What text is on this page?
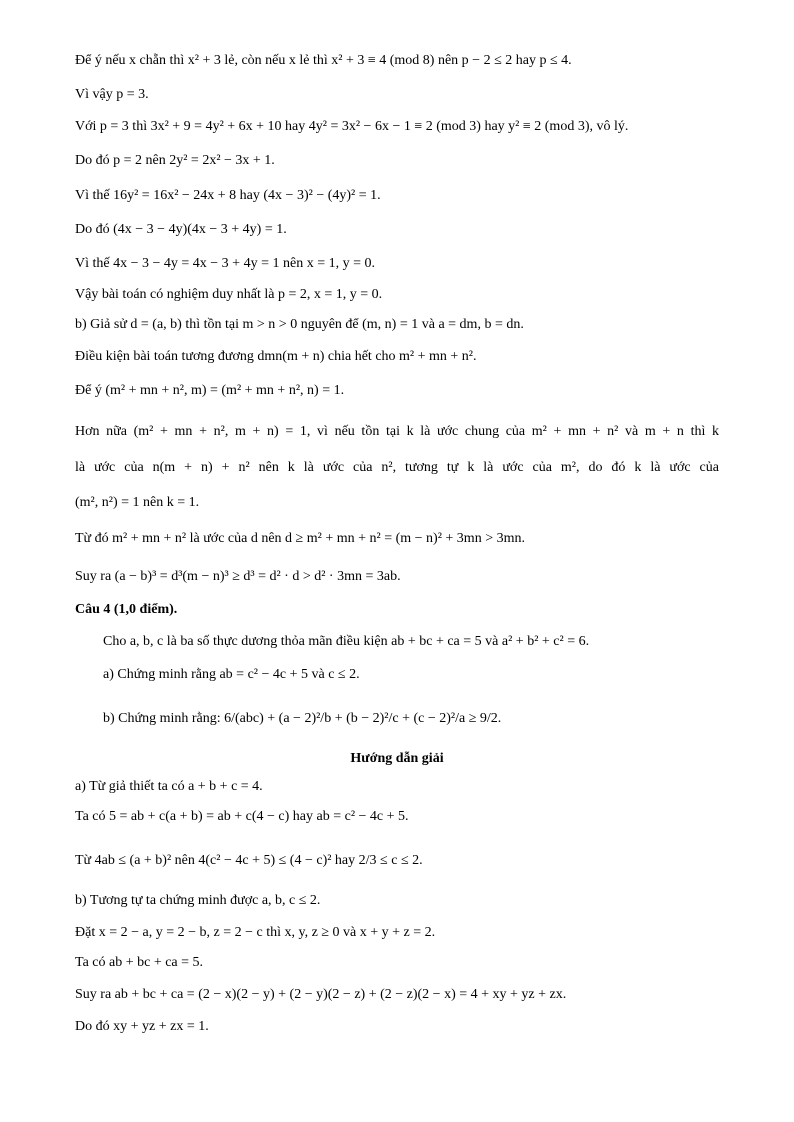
Để ý nếu x chẵn thì x² + 3 lẻ, còn nếu x lẻ thì x² + 3 ≡ 4 (mod 8) nên p − 2 ≤ 2 hay p ≤ 4.
Vì vậy p = 3.
Với p = 3 thì 3x² + 9 = 4y² + 6x + 10 hay 4y² = 3x² − 6x − 1 ≡ 2 (mod 3) hay y² ≡ 2 (mod 3), vô lý.
Do đó p = 2 nên 2y² = 2x² − 3x + 1.
Vì thế 16y² = 16x² − 24x + 8 hay (4x − 3)² − (4y)² = 1.
Do đó (4x − 3 − 4y)(4x − 3 + 4y) = 1.
Vì thế 4x − 3 − 4y = 4x − 3 + 4y = 1 nên x = 1, y = 0.
Vậy bài toán có nghiệm duy nhất là p = 2, x = 1, y = 0.
b) Giả sử d = (a, b) thì tồn tại m > n > 0 nguyên để (m, n) = 1 và a = dm, b = dn.
Điều kiện bài toán tương đương dmn(m + n) chia hết cho m² + mn + n².
Để ý (m² + mn + n², m) = (m² + mn + n², n) = 1.
Hơn nữa (m² + mn + n², m + n) = 1, vì nếu tồn tại k là ước chung của m² + mn + n² và m + n thì k
là ước của n(m + n) + n² nên k là ước của n², tương tự k là ước của m², do đó k là ước của
(m², n²) = 1 nên k = 1.
Từ đó m² + mn + n² là ước của d nên d ≥ m² + mn + n² = (m − n)² + 3mn > 3mn.
Suy ra (a − b)³ = d³(m − n)³ ≥ d³ = d² · d > d² · 3mn = 3ab.
Câu 4 (1,0 điểm).
Cho a, b, c là ba số thực dương thỏa mãn điều kiện ab + bc + ca = 5 và a² + b² + c² = 6.
a) Chứng minh rằng ab = c² − 4c + 5 và c ≤ 2.
b) Chứng minh rằng: 6/(abc) + (a − 2)²/b + (b − 2)²/c + (c − 2)²/a ≥ 9/2.
Hướng dẫn giải
a) Từ giả thiết ta có a + b + c = 4.
Ta có 5 = ab + c(a + b) = ab + c(4 − c) hay ab = c² − 4c + 5.
Từ 4ab ≤ (a + b)² nên 4(c² − 4c + 5) ≤ (4 − c)² hay 2/3 ≤ c ≤ 2.
b) Tương tự ta chứng minh được a, b, c ≤ 2.
Đặt x = 2 − a, y = 2 − b, z = 2 − c thì x, y, z ≥ 0 và x + y + z = 2.
Ta có ab + bc + ca = 5.
Suy ra ab + bc + ca = (2 − x)(2 − y) + (2 − y)(2 − z) + (2 − z)(2 − x) = 4 + xy + yz + zx.
Do đó xy + yz + zx = 1.
